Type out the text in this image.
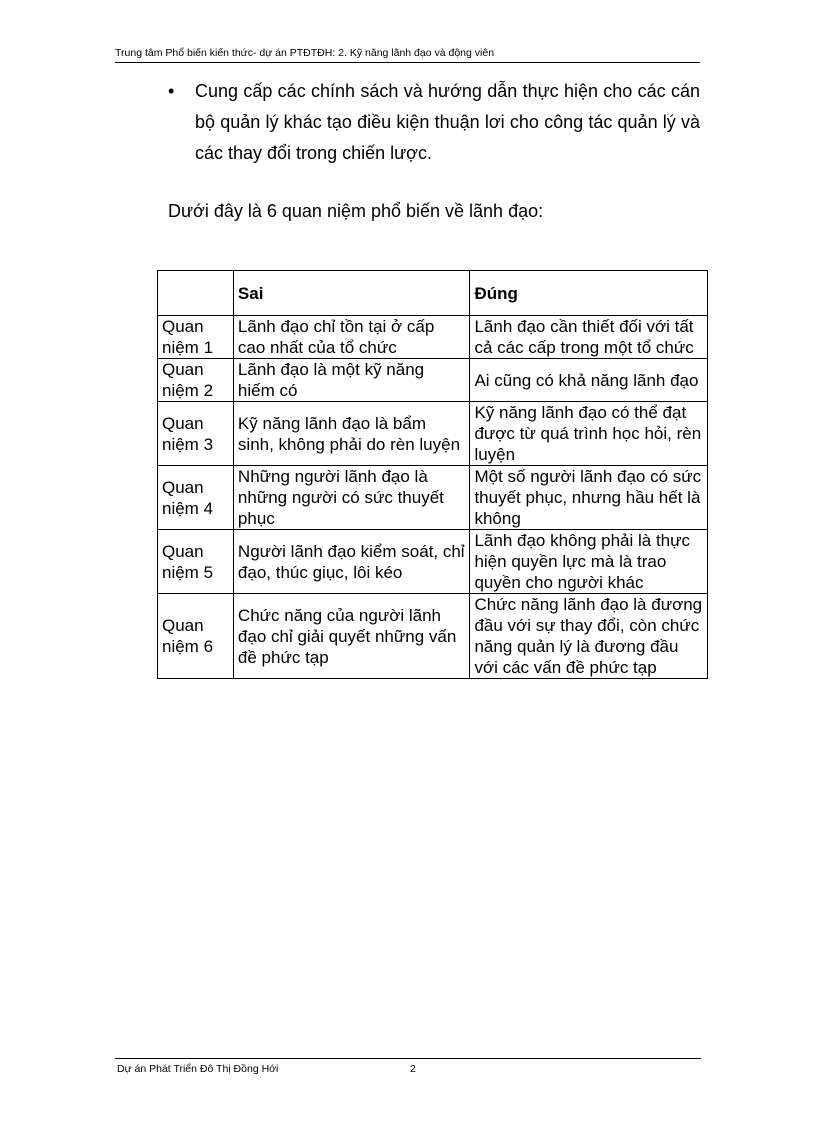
Trung tâm Phổ biến kiến thức- dự án PTĐTĐH: 2. Kỹ năng lãnh đạo và động viên
• Cung cấp các chính sách và hướng dẫn thực hiện cho các cán bộ quản lý khác tạo điều kiện thuận lơi cho công tác quản lý và các thay đổi trong chiến lược.
Dưới đây là 6 quan niệm phổ biến về lãnh đạo:
	Sai	Đúng
Quan niệm 1	Lãnh đạo chỉ tồn tại ở cấp cao nhất của tổ chức	Lãnh đạo cần thiết đối với tất cả các cấp trong một tổ chức
Quan niệm 2	Lãnh đạo là một kỹ năng hiếm có	Ai cũng có khả năng lãnh đạo
Quan niệm 3	Kỹ năng lãnh đạo là bẩm sinh, không phải do rèn luyện	Kỹ năng lãnh đạo có thể đạt được từ quá trình học hỏi, rèn luyện
Quan niệm 4	Những người lãnh đạo là những người có sức thuyết phục	Một số người lãnh đạo có sức thuyết phục, nhưng hầu hết là không
Quan niệm 5	Người lãnh đạo kiểm soát, chỉ đạo, thúc giục, lôi kéo	Lãnh đạo không phải là thực hiện quyền lực mà là trao quyền cho người khác
Quan niệm 6	Chức năng của người lãnh đạo chỉ giải quyết những vấn đề phức tạp	Chức năng lãnh đạo là đương đầu với sự thay đổi, còn chức năng quản lý là đương đầu với các vấn đề phức tạp
Dự án Phát Triển Đô Thị Đồng Hới	2
